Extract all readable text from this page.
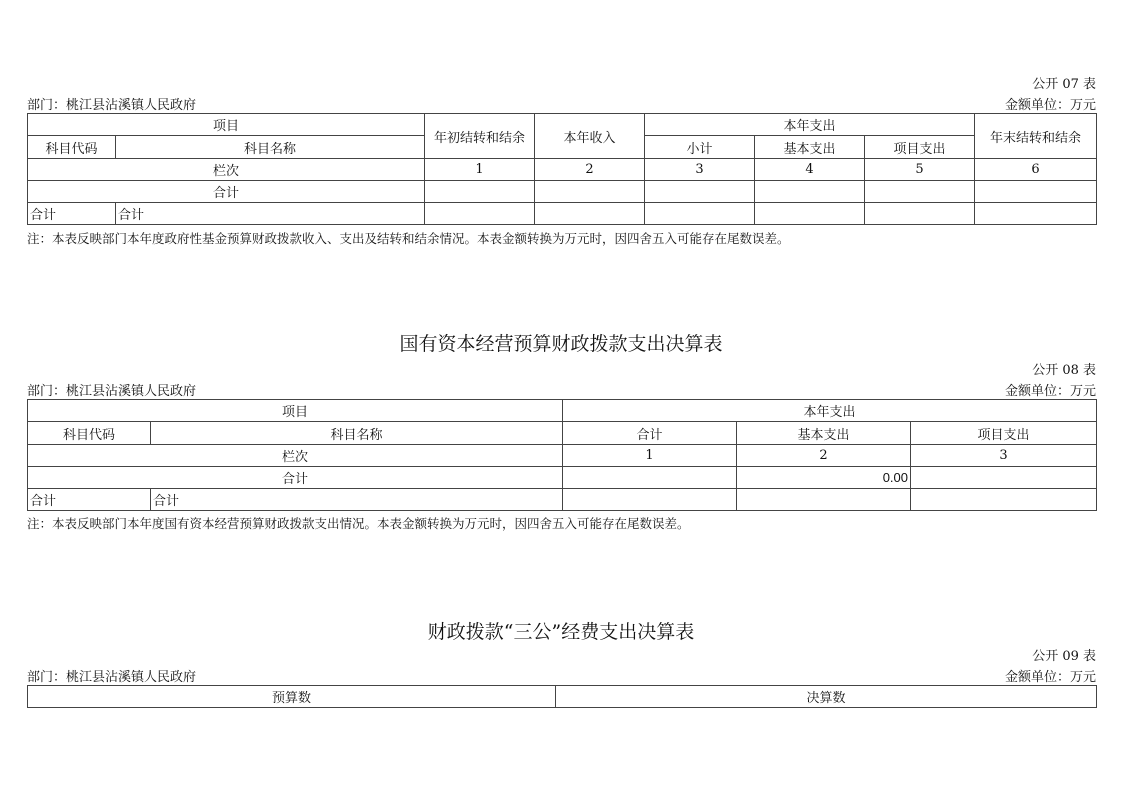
公开 07 表
部门：桃江县沾溪镇人民政府	金额单位：万元
项目		年初结转和结余	本年收入	本年支出			年末结转和结余
科目代码	科目名称			小计	基本支出	项目支出	
栏次		1	2	3	4	5	6
合计							
合计	合计						
注：本表反映部门本年度政府性基金预算财政拨款收入、支出及结转和结余情况。本表金额转换为万元时，因四舍五入可能存在尾数误差。
国有资本经营预算财政拨款支出决算表
公开 08 表
部门：桃江县沾溪镇人民政府	金额单位：万元
项目		本年支出		
科目代码	科目名称	合计	基本支出	项目支出
栏次		1	2	3
合计			0.00	
合计	合计			
注：本表反映部门本年度国有资本经营预算财政拨款支出情况。本表金额转换为万元时，因四舍五入可能存在尾数误差。
财政拨款“三公”经费支出决算表
公开 09 表
部门：桃江县沾溪镇人民政府	金额单位：万元
预算数	决算数
